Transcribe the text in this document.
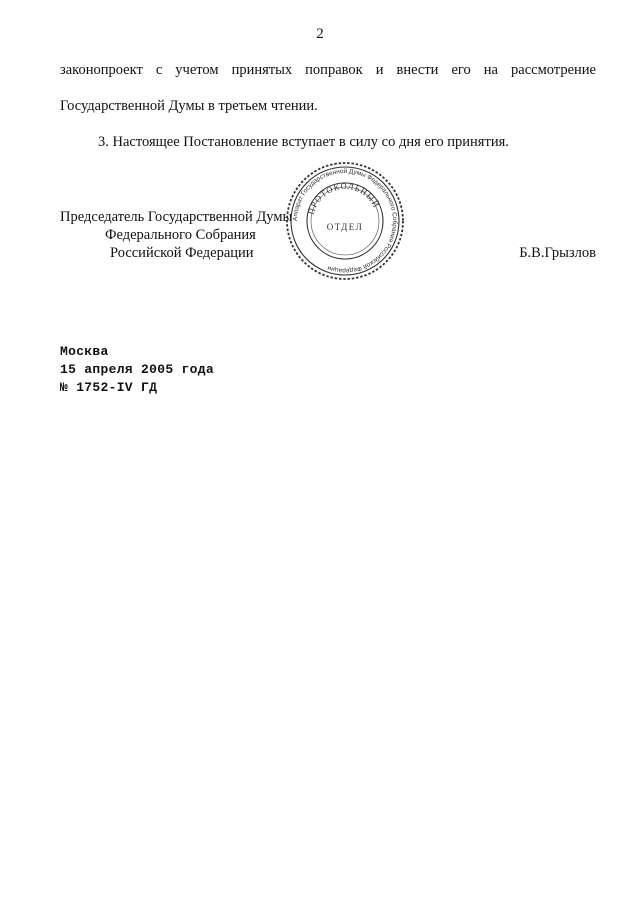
2
законопроект с учетом принятых поправок и внести его на рассмотрение
Государственной Думы в третьем чтении.
3. Настоящее Постановление вступает в силу со дня его принятия.
Председатель Государственной Думы
Федерального Собрания
Российской Федерации	Б.В.Грызлов
Аппарат Государственной Думы Федерального Собрания Российской Федерации
ПРОТОКОЛЬНЫЙ
ОТДЕЛ
Москва
15 апреля 2005 года
№ 1752-IV ГД
